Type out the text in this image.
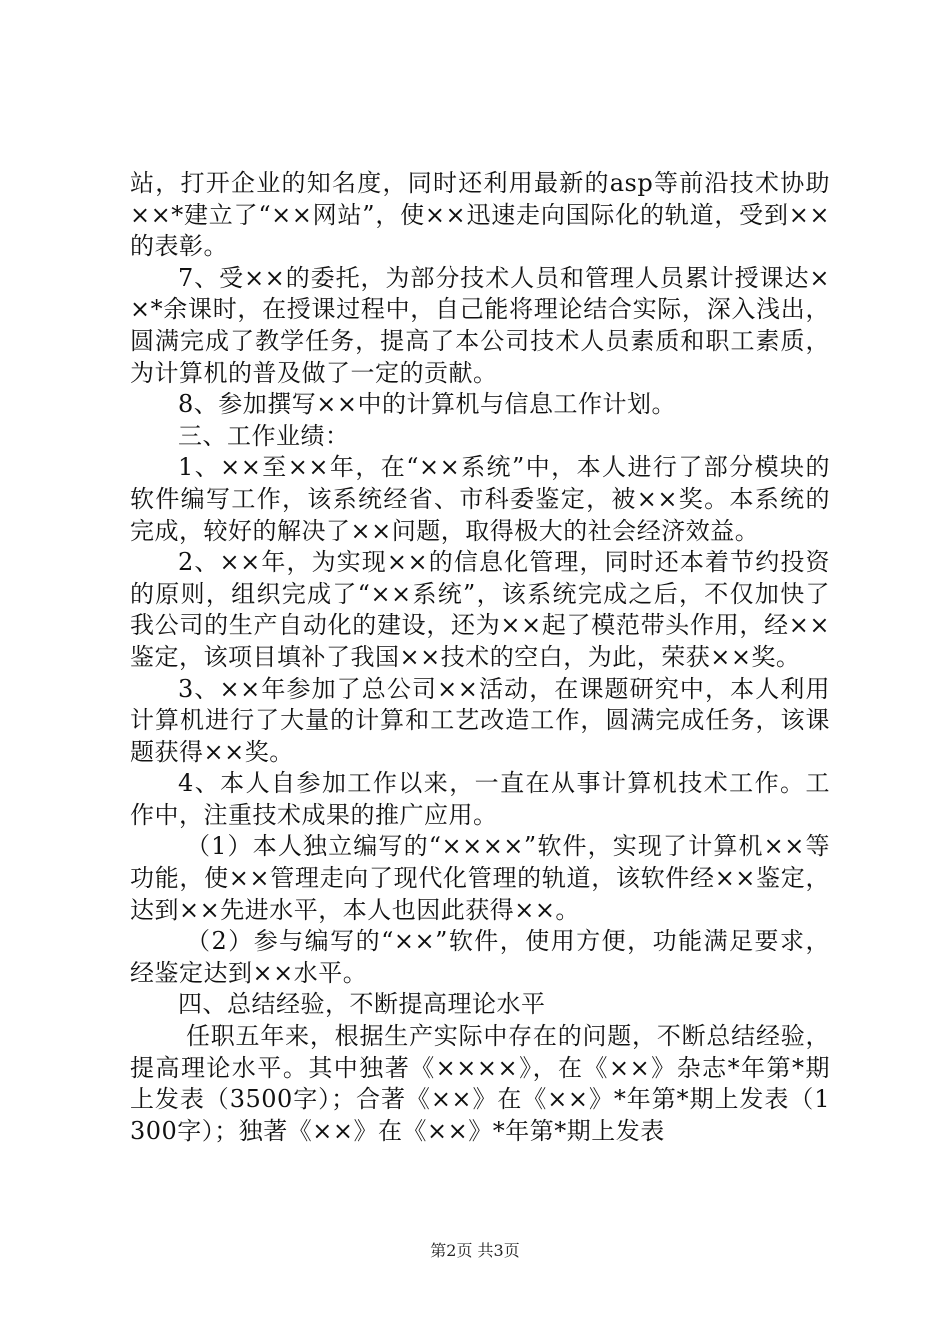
站，打开企业的知名度，同时还利用最新的asp等前沿技术协助××*建立了“××网站”，使××迅速走向国际化的轨道，受到××的表彰。

7、受××的委托，为部分技术人员和管理人员累计授课达××*余课时，在授课过程中，自己能将理论结合实际，深入浅出，圆满完成了教学任务，提高了本公司技术人员素质和职工素质，为计算机的普及做了一定的贡献。

8、参加撰写××中的计算机与信息工作计划。

三、工作业绩：

1、××至××年，在“××系统”中，本人进行了部分模块的软件编写工作，该系统经省、市科委鉴定，被××奖。本系统的完成，较好的解决了××问题，取得极大的社会经济效益。

2、××年，为实现××的信息化管理，同时还本着节约投资的原则，组织完成了“××系统”，该系统完成之后，不仅加快了我公司的生产自动化的建设，还为××起了模范带头作用，经××鉴定，该项目填补了我国××技术的空白，为此，荣获××奖。

3、××年参加了总公司××活动，在课题研究中，本人利用计算机进行了大量的计算和工艺改造工作，圆满完成任务，该课题获得××奖。

4、本人自参加工作以来，一直在从事计算机技术工作。工作中，注重技术成果的推广应用。

（1）本人独立编写的“××××”软件，实现了计算机××等功能，使××管理走向了现代化管理的轨道，该软件经××鉴定，达到××先进水平，本人也因此获得××。

（2）参与编写的“××”软件，使用方便，功能满足要求，经鉴定达到××水平。

四、总结经验，不断提高理论水平

任职五年来，根据生产实际中存在的问题，不断总结经验，提高理论水平。其中独著《××××》，在《××》杂志*年第*期上发表（3500字）；合著《××》在《××》*年第*期上发表（1300字）；独著《××》在《××》*年第*期上发表

第2页 共3页
